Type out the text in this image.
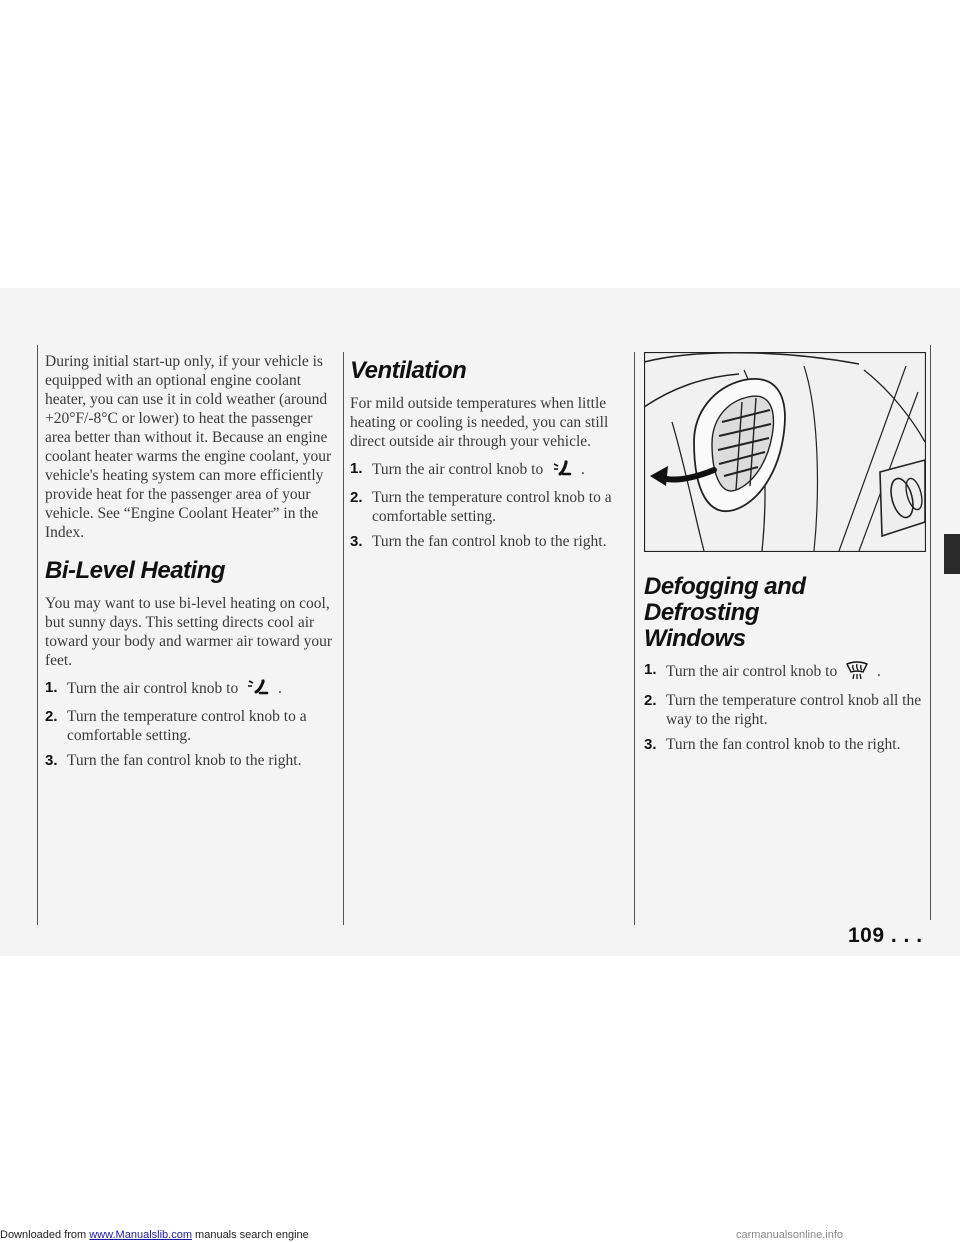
During initial start-up only, if your vehicle is equipped with an optional engine coolant heater, you can use it in cold weather (around +20°F/-8°C or lower) to heat the passenger area better than without it. Because an engine coolant heater warms the engine coolant, your vehicle's heating system can more efficiently provide heat for the passenger area of your vehicle. See “Engine Coolant Heater” in the Index.

Bi-Level Heating

You may want to use bi-level heating on cool, but sunny days. This setting directs cool air toward your body and warmer air toward your feet.

1. Turn the air control knob to	.
2. Turn the temperature control knob to a comfortable setting.
3. Turn the fan control knob to the right.
Ventilation

For mild outside temperatures when little heating or cooling is needed, you can still direct outside air through your vehicle.

1. Turn the air control knob to .
2. Turn the temperature control knob to a comfortable setting.
3. Turn the fan control knob to the right.
Defogging and Defrosting
Windows
1. Turn the air control knob to	.
2. Turn the temperature control knob all the way to the right.
3. Turn the fan control knob to the right.
109 . . .
Downloaded from www.Manualslib.com manuals search engine	carmanualsonline.info
